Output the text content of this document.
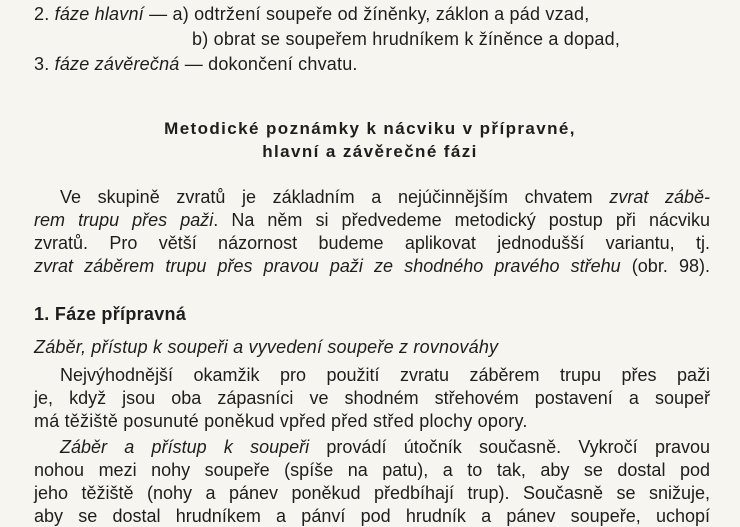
2. fáze hlavní — a) odtržení soupeře od žíněnky, záklon a pád vzad,
b) obrat se soupeřem hrudníkem k žíněnce a dopad,
3. fáze závěrečná — dokončení chvatu.
Metodické poznámky k nácviku v přípravné,
hlavní a závěrečné fázi
Ve skupině zvratů je základním a nejúčinnějším chvatem zvrat zábě-
rem trupu přes paži. Na něm si předvedeme metodický postup při nácviku
zvratů. Pro větší názornost budeme aplikovat jednodušší variantu, tj.
zvrat záběrem trupu přes pravou paži ze shodného pravého střehu (obr. 98).
1. Fáze přípravná
Záběr, přístup k soupeři a vyvedení soupeře z rovnováhy
Nejvýhodnější okamžik pro použití zvratu záběrem trupu přes paži
je, když jsou oba zápasníci ve shodném střehovém postavení a soupeř
má těžiště posunuté poněkud vpřed před střed plochy opory.
Záběr a přístup k soupeři provádí útočník současně. Vykročí pravou
nohou mezi nohy soupeře (spíše na patu), a to tak, aby se dostal pod
jeho těžiště (nohy a pánev poněkud předbíhají trup). Současně se snižuje,
aby se dostal hrudníkem a pánví pod hrudník a pánev soupeře, uchopí
